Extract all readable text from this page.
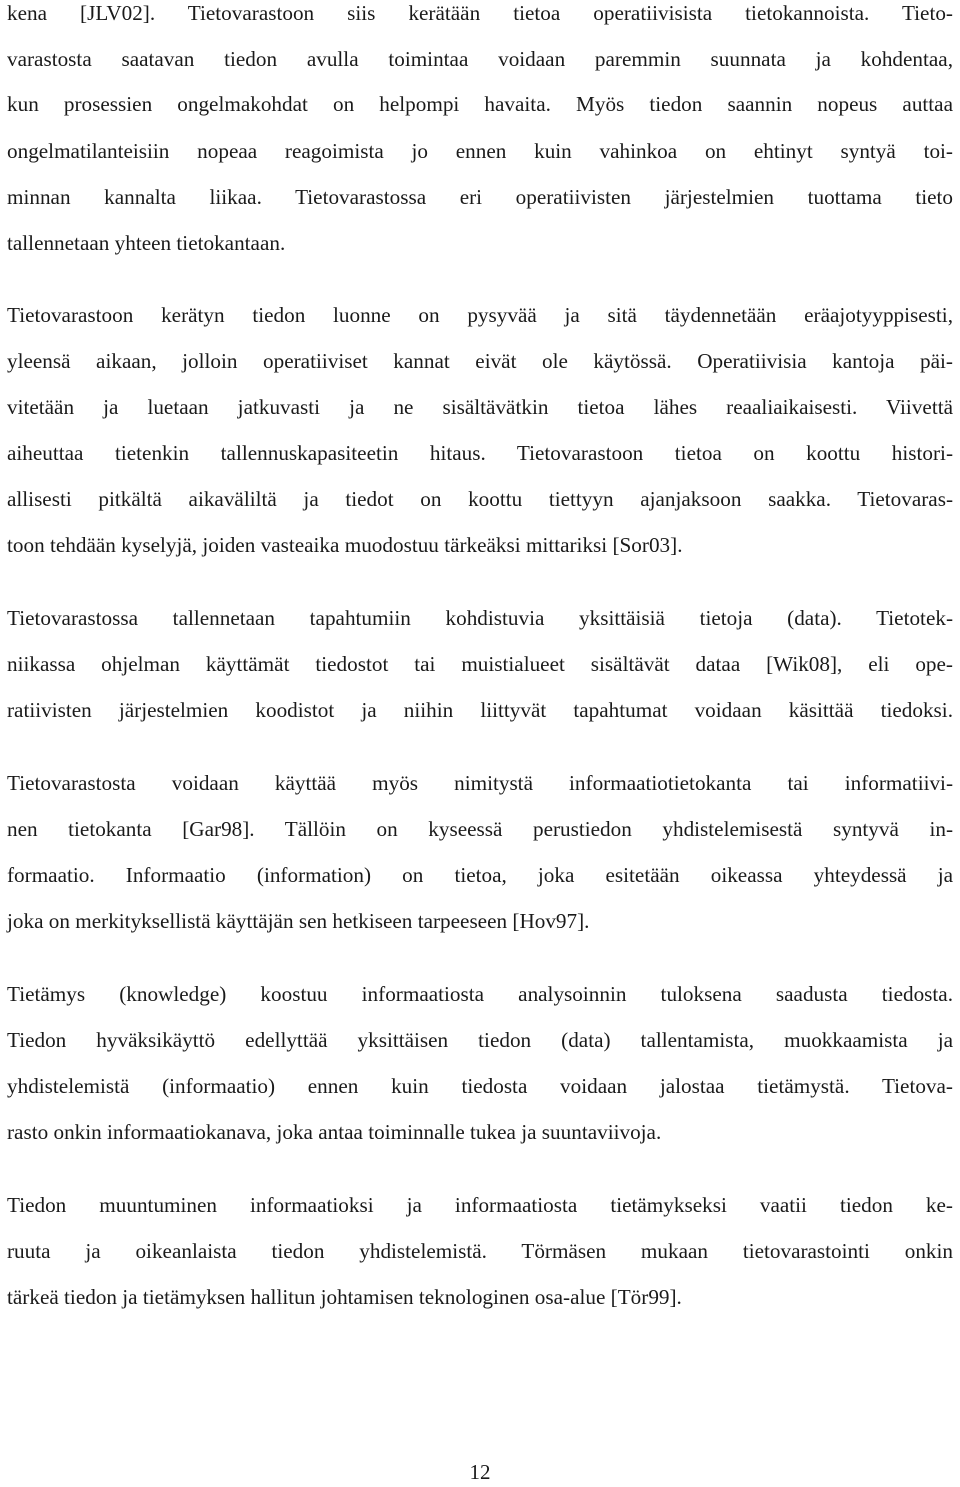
kena [JLV02]. Tietovarastoon siis kerätään tietoa operatiivisista tietokannoista. Tieto-
varastosta saatavan tiedon avulla toimintaa voidaan paremmin suunnata ja kohdentaa,
kun prosessien ongelmakohdat on helpompi havaita. Myös tiedon saannin nopeus auttaa
ongelmatilanteisiin nopeaa reagoimista jo ennen kuin vahinkoa on ehtinyt syntyä toi-
minnan kannalta liikaa. Tietovarastossa eri operatiivisten järjestelmien tuottama tieto
tallennetaan yhteen tietokantaan.
Tietovarastoon kerätyn tiedon luonne on pysyvää ja sitä täydennetään eräajotyyppisesti,
yleensä aikaan, jolloin operatiiviset kannat eivät ole käytössä. Operatiivisia kantoja päi-
vitetään ja luetaan jatkuvasti ja ne sisältävätkin tietoa lähes reaaliaikaisesti. Viivettä
aiheuttaa tietenkin tallennuskapasiteetin hitaus. Tietovarastoon tietoa on koottu histori-
allisesti pitkältä aikaväliltä ja tiedot on koottu tiettyyn ajanjaksoon saakka. Tietovaras-
toon tehdään kyselyjä, joiden vasteaika muodostuu tärkeäksi mittariksi [Sor03].
Tietovarastossa tallennetaan tapahtumiin kohdistuvia yksittäisiä tietoja (data). Tietotek-
niikassa ohjelman käyttämät tiedostot tai muistialueet sisältävät dataa [Wik08], eli ope-
ratiivisten järjestelmien koodistot ja niihin liittyvät tapahtumat voidaan käsittää tiedoksi.
Tietovarastosta voidaan käyttää myös nimitystä informaatiotietokanta tai informatiivi-
nen tietokanta [Gar98]. Tällöin on kyseessä perustiedon yhdistelemisestä syntyvä in-
formaatio. Informaatio (information) on tietoa, joka esitetään oikeassa yhteydessä ja
joka on merkityksellistä käyttäjän sen hetkiseen tarpeeseen [Hov97].
Tietämys (knowledge) koostuu informaatiosta analysoinnin tuloksena saadusta tiedosta.
Tiedon hyväksikäyttö edellyttää yksittäisen tiedon (data) tallentamista, muokkaamista ja
yhdistelemistä (informaatio) ennen kuin tiedosta voidaan jalostaa tietämystä. Tietova-
rasto onkin informaatiokanava, joka antaa toiminnalle tukea ja suuntaviivoja.
Tiedon muuntuminen informaatioksi ja informaatiosta tietämykseksi vaatii tiedon ke-
ruuta ja oikeanlaista tiedon yhdistelemistä. Törmäsen mukaan tietovarastointi onkin
tärkeä tiedon ja tietämyksen hallitun johtamisen teknologinen osa-alue [Tör99].
12
